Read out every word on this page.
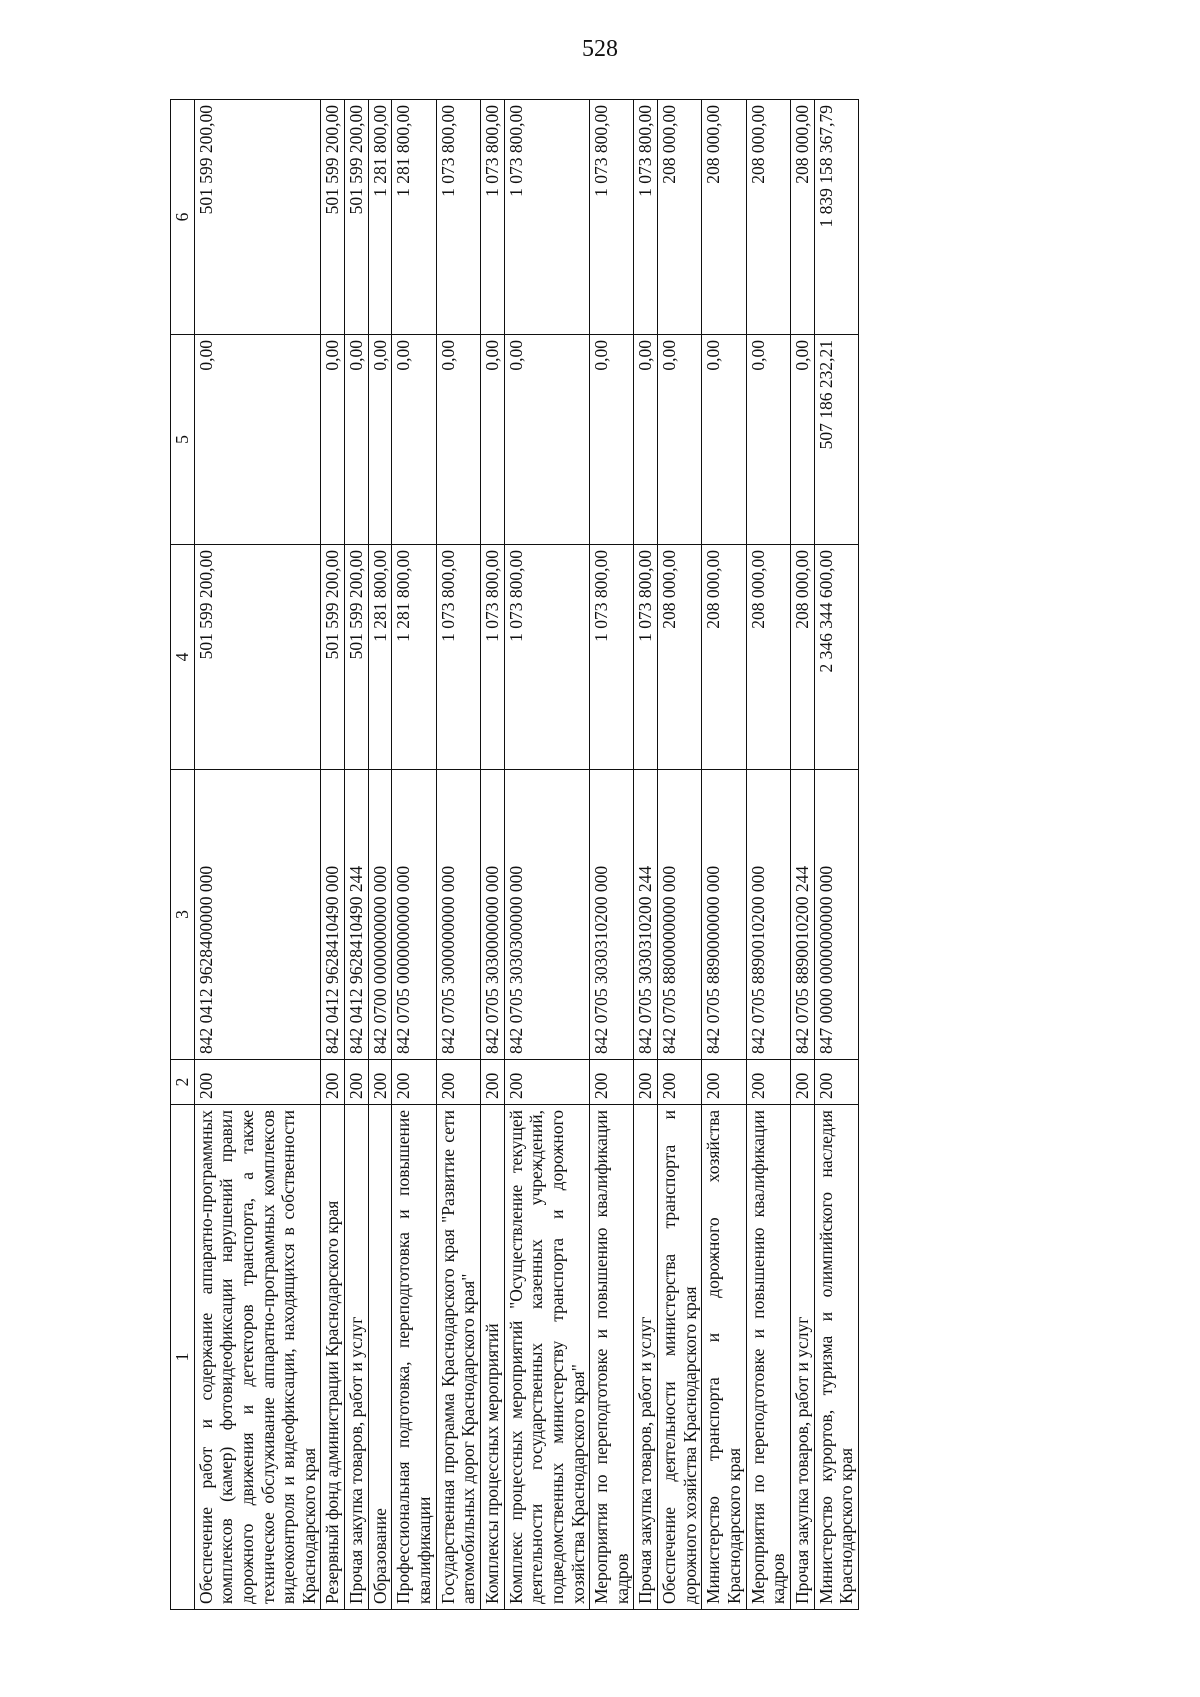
528
1	2	3	4	5	6
Обеспечение работ и содержание аппаратно-программных комплексов (камер) фотовидеофиксации нарушений правил дорожного движения и детекторов транспорта, а также техническое обслуживание аппаратно-программных комплексов видеоконтроля и видеофиксации, находящихся в собственности Краснодарского края	200	842 0412 9628400000 000	501 599 200,00	0,00	501 599 200,00
Резервный фонд администрации Краснодарского края	200	842 0412 9628410490 000	501 599 200,00	0,00	501 599 200,00
Прочая закупка товаров, работ и услуг	200	842 0412 9628410490 244	501 599 200,00	0,00	501 599 200,00
Образование	200	842 0700 0000000000 000	1 281 800,00	0,00	1 281 800,00
Профессиональная подготовка, переподготовка и повышение квалификации	200	842 0705 0000000000 000	1 281 800,00	0,00	1 281 800,00
Государственная программа Краснодарского края "Развитие сети автомобильных дорог Краснодарского края"	200	842 0705 3000000000 000	1 073 800,00	0,00	1 073 800,00
Комплексы процессных мероприятий	200	842 0705 3030000000 000	1 073 800,00	0,00	1 073 800,00
Комплекс процессных мероприятий "Осуществление текущей деятельности государственных казенных учреждений, подведомственных министерству транспорта и дорожного хозяйства Краснодарского края"	200	842 0705 3030300000 000	1 073 800,00	0,00	1 073 800,00
Мероприятия по переподготовке и повышению квалификации кадров	200	842 0705 3030310200 000	1 073 800,00	0,00	1 073 800,00
Прочая закупка товаров, работ и услуг	200	842 0705 3030310200 244	1 073 800,00	0,00	1 073 800,00
Обеспечение деятельности министерства транспорта и дорожного хозяйства Краснодарского края	200	842 0705 8800000000 000	208 000,00	0,00	208 000,00
Министерство транспорта и дорожного хозяйства Краснодарского края	200	842 0705 8890000000 000	208 000,00	0,00	208 000,00
Мероприятия по переподготовке и повышению квалификации кадров	200	842 0705 8890010200 000	208 000,00	0,00	208 000,00
Прочая закупка товаров, работ и услуг	200	842 0705 8890010200 244	208 000,00	0,00	208 000,00
Министерство курортов, туризма и олимпийского наследия Краснодарского края	200	847 0000 0000000000 000	2 346 344 600,00	507 186 232,21	1 839 158 367,79
